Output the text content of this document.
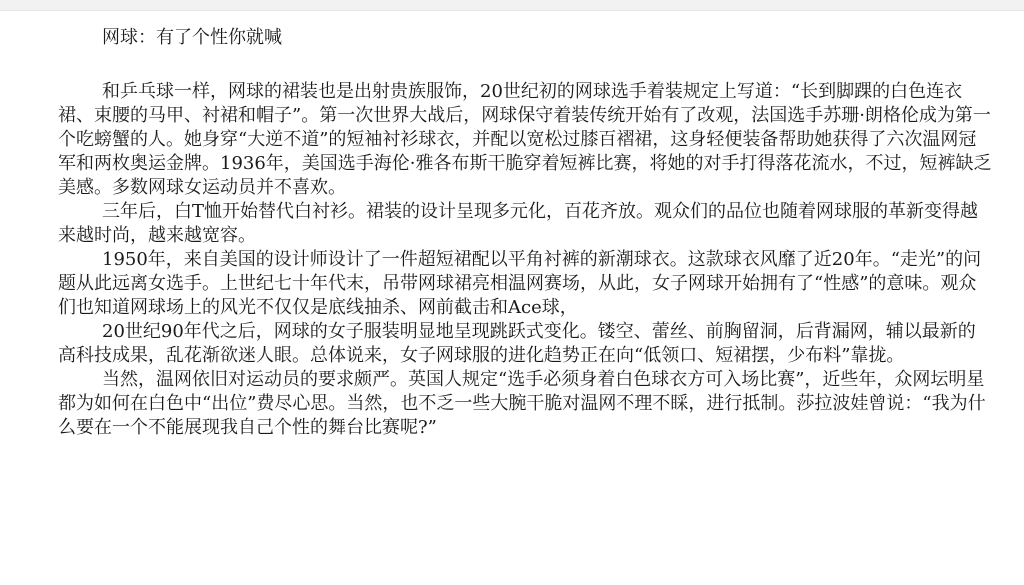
网球：有了个性你就喊

和乒乓球一样，网球的裙装也是出射贵族服饰，20世纪初的网球选手着装规定上写道：“长到脚踝的白色连衣裙、束腰的马甲、衬裙和帽子”。第一次世界大战后，网球保守着装传统开始有了改观，法国选手苏珊·朗格伦成为第一个吃螃蟹的人。她身穿“大逆不道”的短袖衬衫球衣，并配以宽松过膝百褶裙，这身轻便装备帮助她获得了六次温网冠军和两枚奥运金牌。1936年，美国选手海伦·雅各布斯干脆穿着短裤比赛，将她的对手打得落花流水，不过，短裤缺乏美感。多数网球女运动员并不喜欢。

三年后，白T恤开始替代白衬衫。裙装的设计呈现多元化，百花齐放。观众们的品位也随着网球服的革新变得越来越时尚，越来越宽容。

1950年，来自美国的设计师设计了一件超短裙配以平角衬裤的新潮球衣。这款球衣风靡了近20年。“走光”的问题从此远离女选手。上世纪七十年代末，吊带网球裙亮相温网赛场，从此，女子网球开始拥有了“性感”的意味。观众们也知道网球场上的风光不仅仅是底线抽杀、网前截击和Ace球，

20世纪90年代之后，网球的女子服装明显地呈现跳跃式变化。镂空、蕾丝、前胸留洞，后背漏网，辅以最新的高科技成果，乱花渐欲迷人眼。总体说来，女子网球服的进化趋势正在向“低领口、短裙摆，少布料”靠拢。

当然，温网依旧对运动员的要求颇严。英国人规定“选手必须身着白色球衣方可入场比赛”，近些年，众网坛明星都为如何在白色中“出位”费尽心思。当然，也不乏一些大腕干脆对温网不理不睬，进行抵制。莎拉波娃曾说：“我为什么要在一个不能展现我自己个性的舞台比赛呢?”
